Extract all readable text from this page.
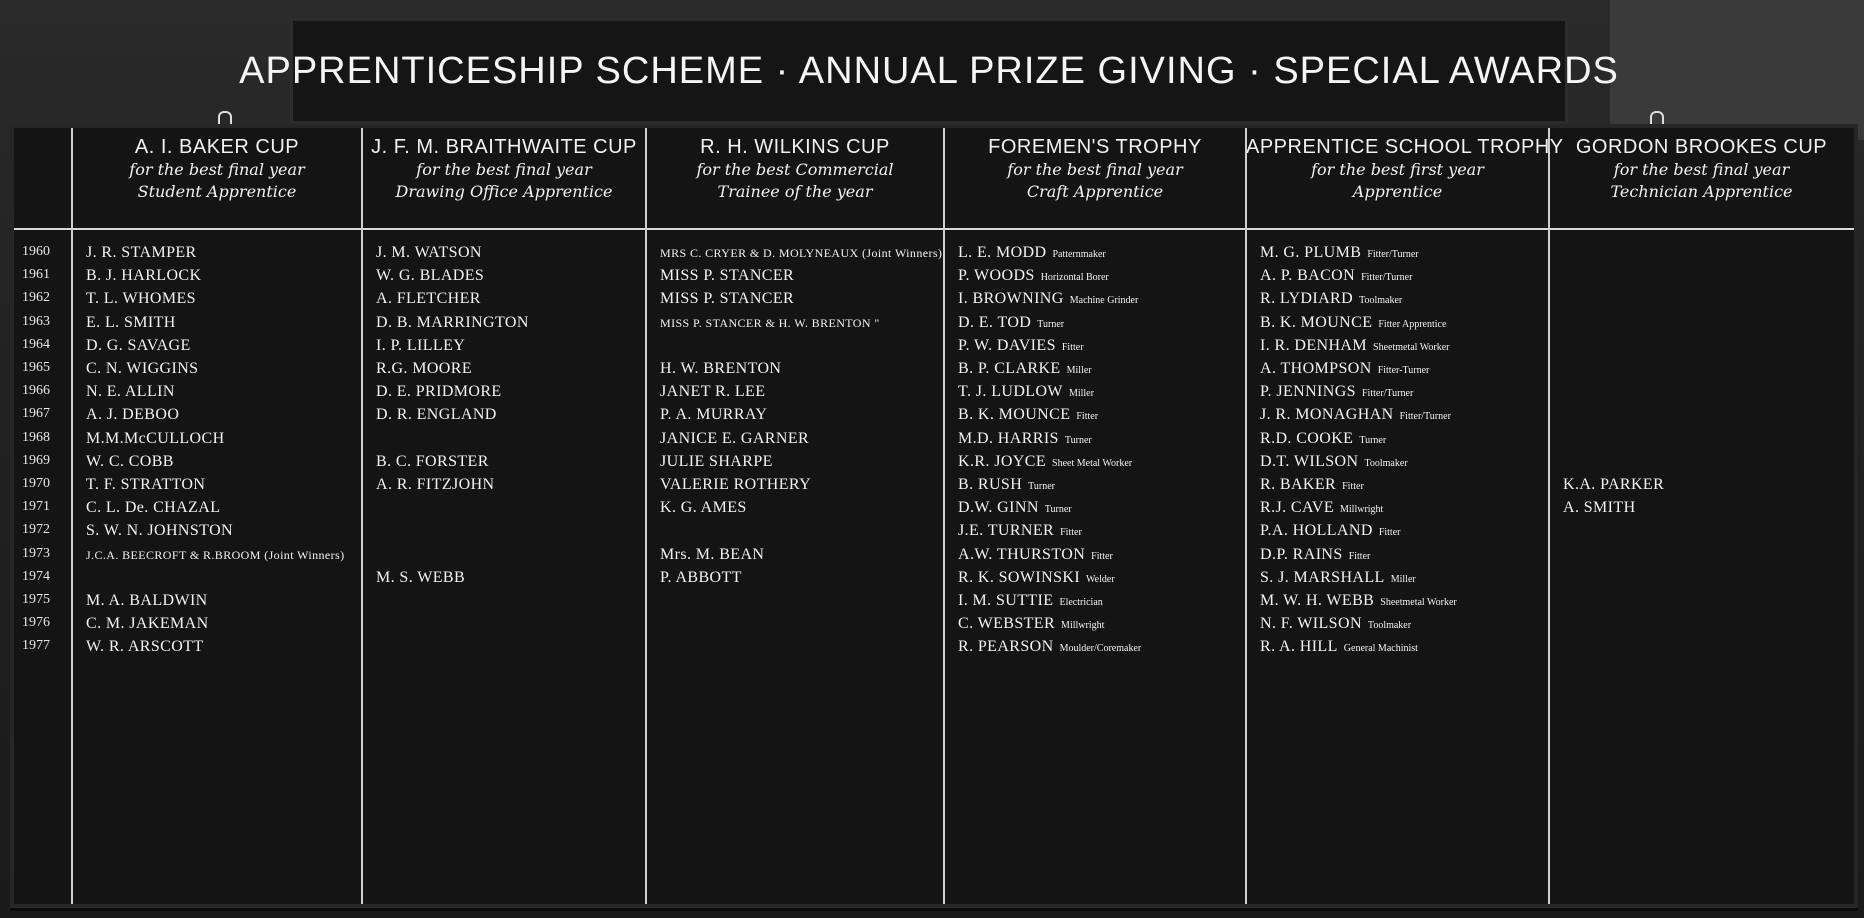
APPRENTICESHIP SCHEME · ANNUAL PRIZE GIVING · SPECIAL AWARDS
1960
1961
1962
1963
1964
1965
1966
1967
1968
1969
1970
1971
1972
1973
1974
1975
1976
1977
A. I. BAKER CUP
for the best final year
Student Apprentice
J. R. STAMPER
B. J. HARLOCK
T. L. WHOMES
E. L. SMITH
D. G. SAVAGE
C. N. WIGGINS
N. E. ALLIN
A. J. DEBOO
M.M.McCULLOCH
W. C. COBB
T. F. STRATTON
C. L. De. CHAZAL
S. W. N. JOHNSTON
J.C.A. BEECROFT & R.BROOM (Joint Winners)
M. A. BALDWIN
C. M. JAKEMAN
W. R. ARSCOTT
J. F. M. BRAITHWAITE CUP
for the best final year
Drawing Office Apprentice
J. M. WATSON
W. G. BLADES
A. FLETCHER
D. B. MARRINGTON
I. P. LILLEY
R.G. MOORE
D. E. PRIDMORE
D. R. ENGLAND
B. C. FORSTER
A. R. FITZJOHN
M. S. WEBB
R. H. WILKINS CUP
for the best Commercial
Trainee of the year
MRS C. CRYER & D. MOLYNEAUX (Joint Winners)
MISS P. STANCER
MISS P. STANCER
MISS P. STANCER & H. W. BRENTON "
H. W. BRENTON
JANET R. LEE
P. A. MURRAY
JANICE E. GARNER
JULIE SHARPE
VALERIE ROTHERY
K. G. AMES
Mrs. M. BEAN
P. ABBOTT
FOREMEN'S TROPHY
for the best final year
Craft Apprentice
L. E. MODD Patternmaker
P. WOODS Horizontal Borer
I. BROWNING Machine Grinder
D. E. TOD Turner
P. W. DAVIES Fitter
B. P. CLARKE Miller
T. J. LUDLOW Miller
B. K. MOUNCE Fitter
M.D. HARRIS Turner
K.R. JOYCE Sheet Metal Worker
B. RUSH Turner
D.W. GINN Turner
J.E. TURNER Fitter
A.W. THURSTON Fitter
R. K. SOWINSKI Welder
I. M. SUTTIE Electrician
C. WEBSTER Millwright
R. PEARSON Moulder/Coremaker
APPRENTICE SCHOOL TROPHY
for the best first year
Apprentice
M. G. PLUMB Fitter/Turner
A. P. BACON Fitter/Turner
R. LYDIARD Toolmaker
B. K. MOUNCE Fitter Apprentice
I. R. DENHAM Sheetmetal Worker
A. THOMPSON Fitter-Turner
P. JENNINGS Fitter/Turner
J. R. MONAGHAN Fitter/Turner
R.D. COOKE Turner
D.T. WILSON Toolmaker
R. BAKER Fitter
R.J. CAVE Millwright
P.A. HOLLAND Fitter
D.P. RAINS Fitter
S. J. MARSHALL Miller
M. W. H. WEBB Sheetmetal Worker
N. F. WILSON Toolmaker
R. A. HILL General Machinist
GORDON BROOKES CUP
for the best final year
Technician Apprentice
K.A. PARKER
A. SMITH
